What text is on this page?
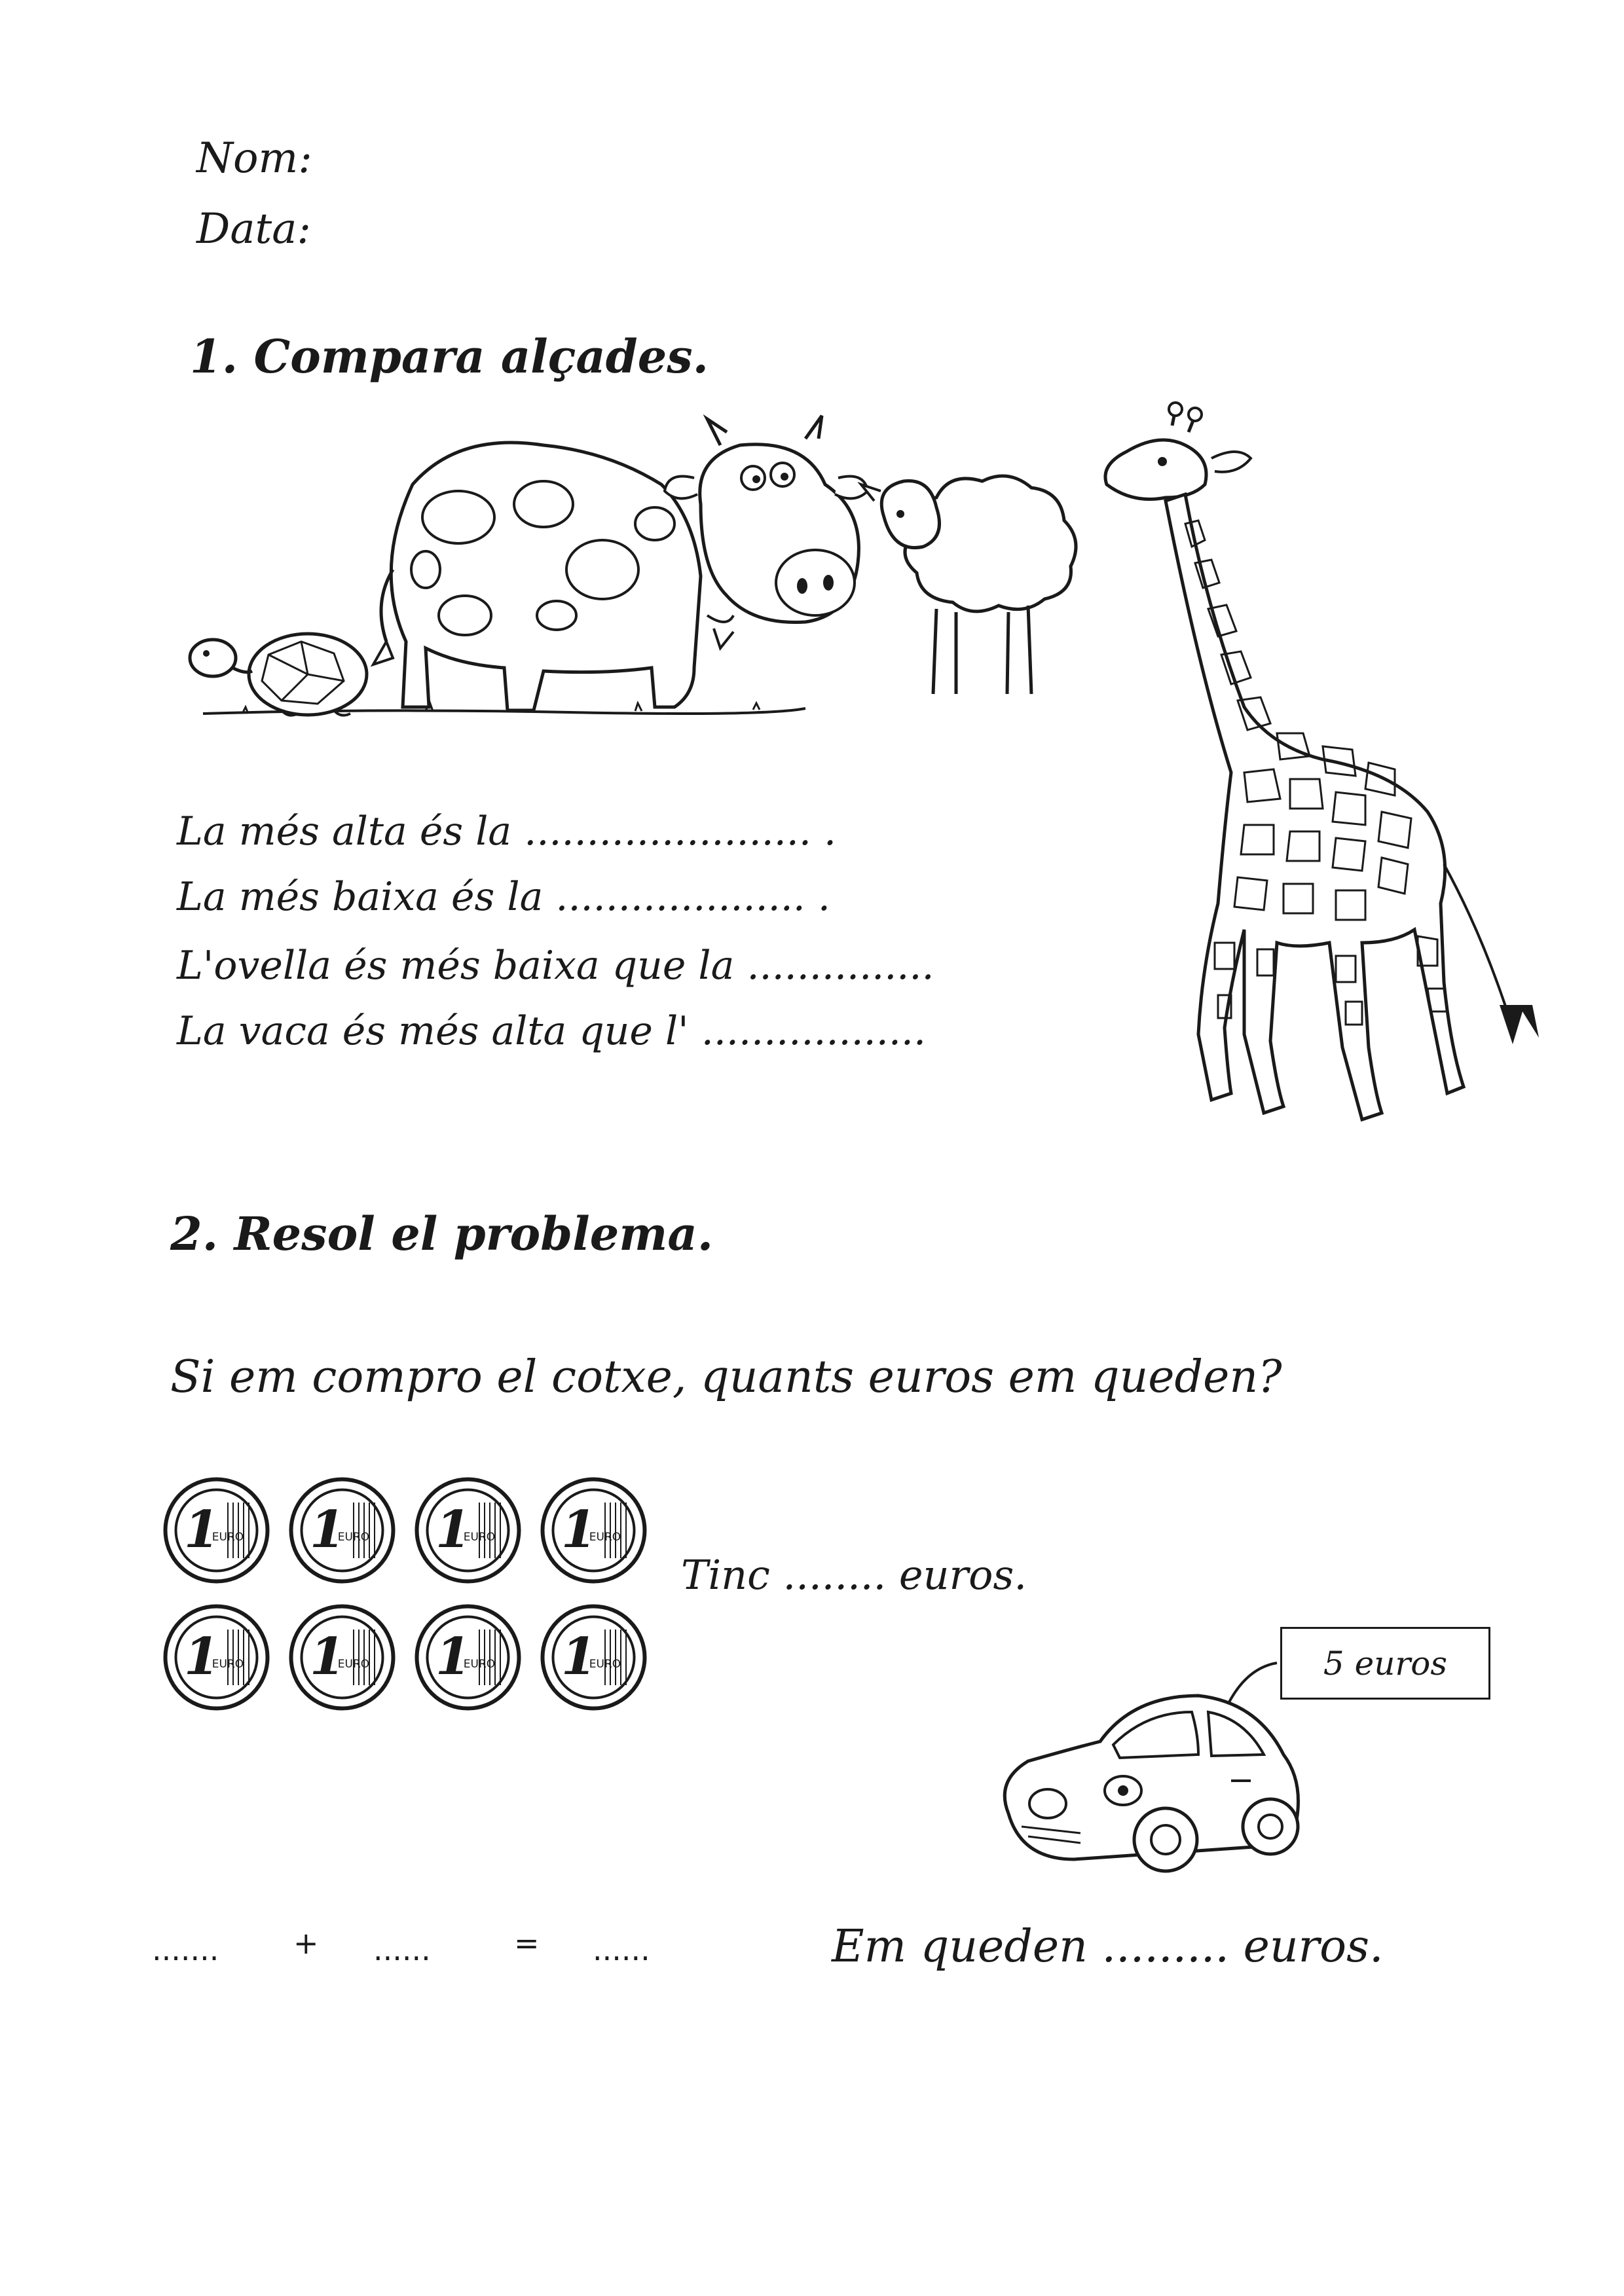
Nom:
Data:
1. Compara alçades.
La més alta és la ....................... .
La més baixa és la .................... .
L'ovella és més baixa que la ...............
La vaca és més alta que l' ..................
2. Resol el problema.
Si em compro el cotxe, quants euros em queden?
1
EURO 1
EURO 1
EURO 1
EURO
1
EURO 1
EURO 1
EURO 1
EURO
Tinc ........ euros.
5 euros
....... + ......	= ......	Em queden ......... euros.
